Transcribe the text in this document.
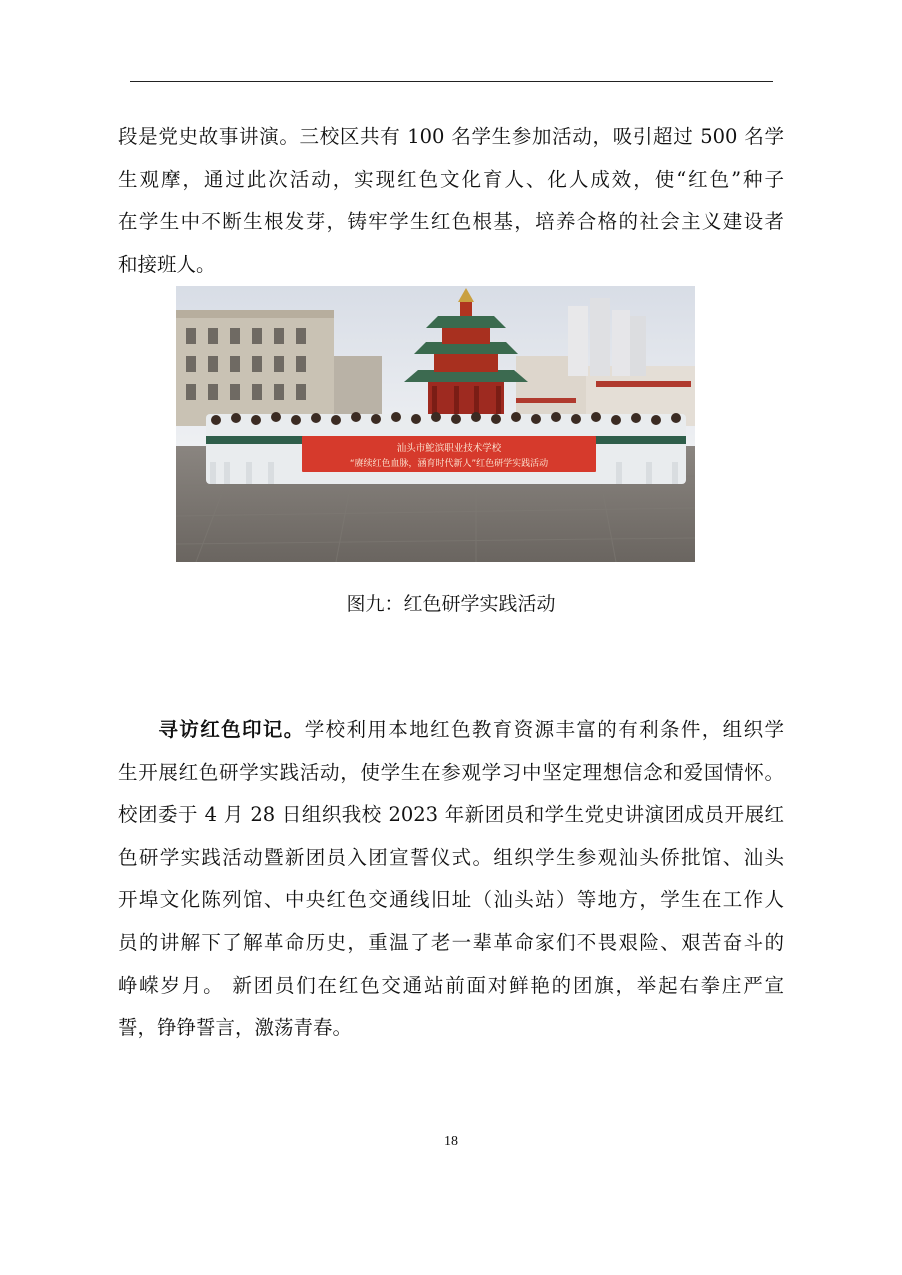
段是党史故事讲演。三校区共有 100 名学生参加活动，吸引超过 500 名学
生观摩，通过此次活动，实现红色文化育人、化人成效，使“红色”种子
在学生中不断生根发芽，铸牢学生红色根基，培养合格的社会主义建设者
和接班人。
汕头市鮀滨职业技术学校
“赓续红色血脉，涵育时代新人”红色研学实践活动
图九：红色研学实践活动
寻访红色印记。学校利用本地红色教育资源丰富的有利条件，组织学
生开展红色研学实践活动，使学生在参观学习中坚定理想信念和爱国情怀。
校团委于 4 月 28 日组织我校 2023 年新团员和学生党史讲演团成员开展红
色研学实践活动暨新团员入团宣誓仪式。组织学生参观汕头侨批馆、汕头
开埠文化陈列馆、中央红色交通线旧址（汕头站）等地方，学生在工作人
员的讲解下了解革命历史，重温了老一辈革命家们不畏艰险、艰苦奋斗的
峥嵘岁月。 新团员们在红色交通站前面对鲜艳的团旗，举起右拳庄严宣
誓，铮铮誓言，激荡青春。
18
